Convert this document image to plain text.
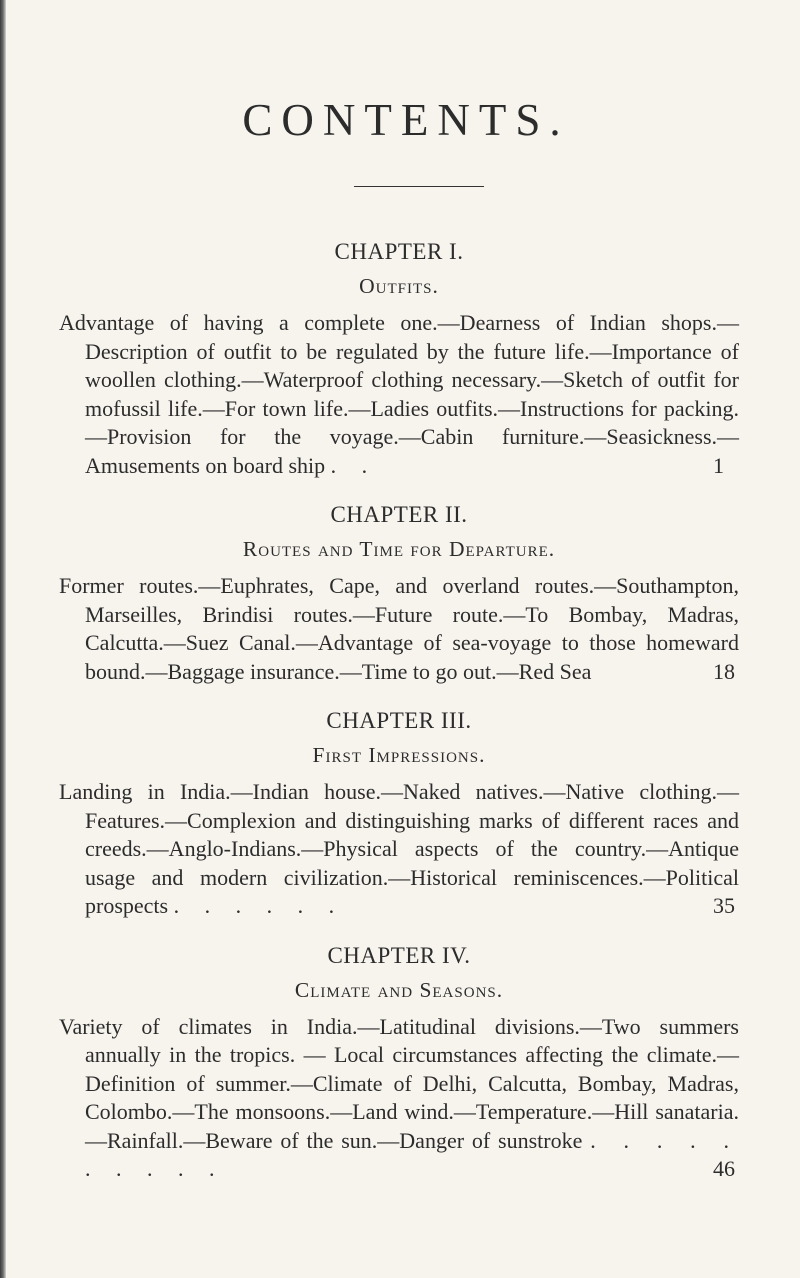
CONTENTS.
CHAPTER I.
Outfits.
Advantage of having a complete one.—Dearness of Indian shops.—Description of outfit to be regulated by the future life.—Importance of woollen clothing.—Waterproof clothing necessary.—Sketch of outfit for mofussil life.—For town life.—Ladies outfits.—Instructions for packing.—Provision for the voyage.—Cabin furniture.—Seasickness.—Amusements on board ship . .	1
CHAPTER II.
Routes and Time for Departure.
Former routes.—Euphrates, Cape, and overland routes.—Southampton, Marseilles, Brindisi routes.—Future route.—To Bombay, Madras, Calcutta.—Suez Canal.—Advantage of sea-voyage to those homeward bound.—Baggage insurance.—Time to go out.—Red Sea	18
CHAPTER III.
First Impressions.
Landing in India.—Indian house.—Naked natives.—Native clothing.—Features.—Complexion and distinguishing marks of different races and creeds.—Anglo-Indians.—Physical aspects of the country.—Antique usage and modern civilization.—Historical reminiscences.—Political prospects . . . . . .	35
CHAPTER IV.
Climate and Seasons.
Variety of climates in India.—Latitudinal divisions.—Two summers annually in the tropics. — Local circumstances affecting the climate.—Definition of summer.—Climate of Delhi, Calcutta, Bombay, Madras, Colombo.—The monsoons.—Land wind.—Temperature.—Hill sanataria.—Rainfall.—Beware of the sun.—Danger of sunstroke . . . . . . . . . .	46
